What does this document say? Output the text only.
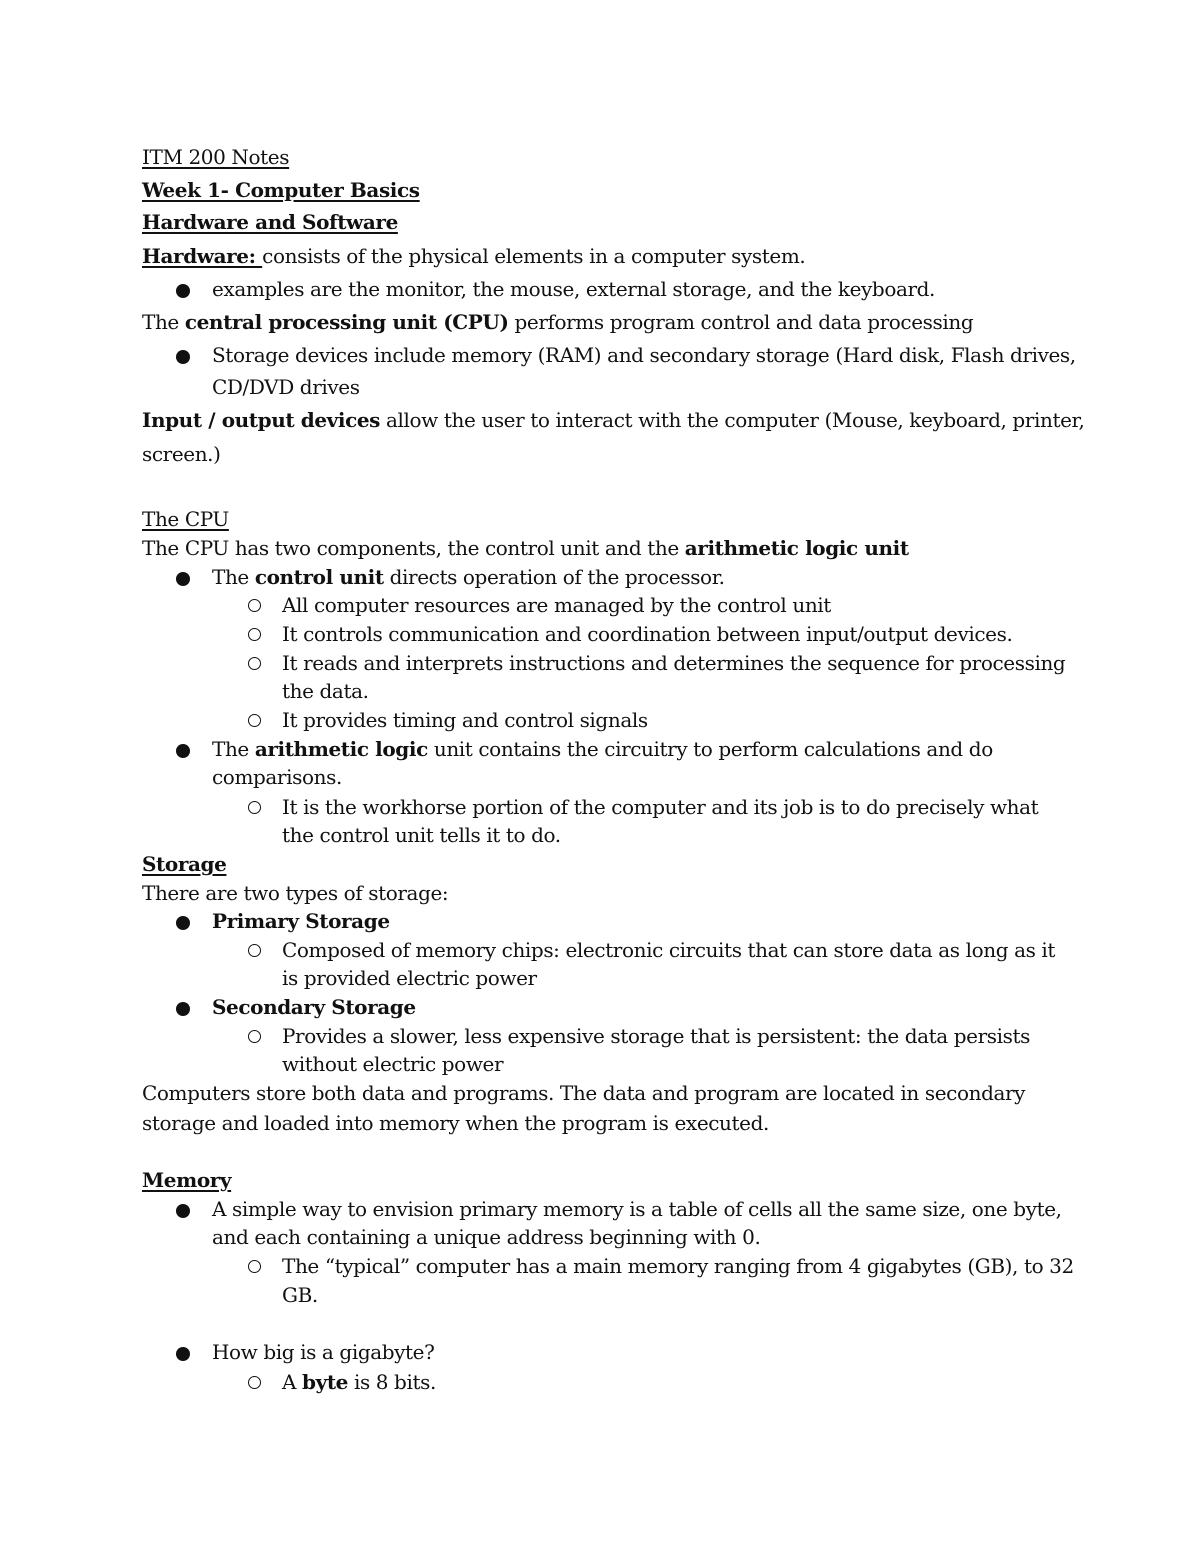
ITM 200 Notes
Week 1- Computer Basics
Hardware and Software
Hardware: consists of the physical elements in a computer system.
examples are the monitor, the mouse, external storage, and the keyboard.
The central processing unit (CPU) performs program control and data processing
Storage devices include memory (RAM) and secondary storage (Hard disk, Flash drives,
CD/DVD drives
Input / output devices allow the user to interact with the computer (Mouse, keyboard, printer,
screen.)
The CPU
The CPU has two components, the control unit and the arithmetic logic unit
The control unit directs operation of the processor.
All computer resources are managed by the control unit
It controls communication and coordination between input/output devices.
It reads and interprets instructions and determines the sequence for processing
the data.
It provides timing and control signals
The arithmetic logic unit contains the circuitry to perform calculations and do
comparisons.
It is the workhorse portion of the computer and its job is to do precisely what
the control unit tells it to do.
Storage
There are two types of storage:
Primary Storage
Composed of memory chips: electronic circuits that can store data as long as it
is provided electric power
Secondary Storage
Provides a slower, less expensive storage that is persistent: the data persists
without electric power
Computers store both data and programs. The data and program are located in secondary
storage and loaded into memory when the program is executed.
Memory
A simple way to envision primary memory is a table of cells all the same size, one byte,
and each containing a unique address beginning with 0.
The “typical” computer has a main memory ranging from 4 gigabytes (GB), to 32
GB.
How big is a gigabyte?
A byte is 8 bits.
